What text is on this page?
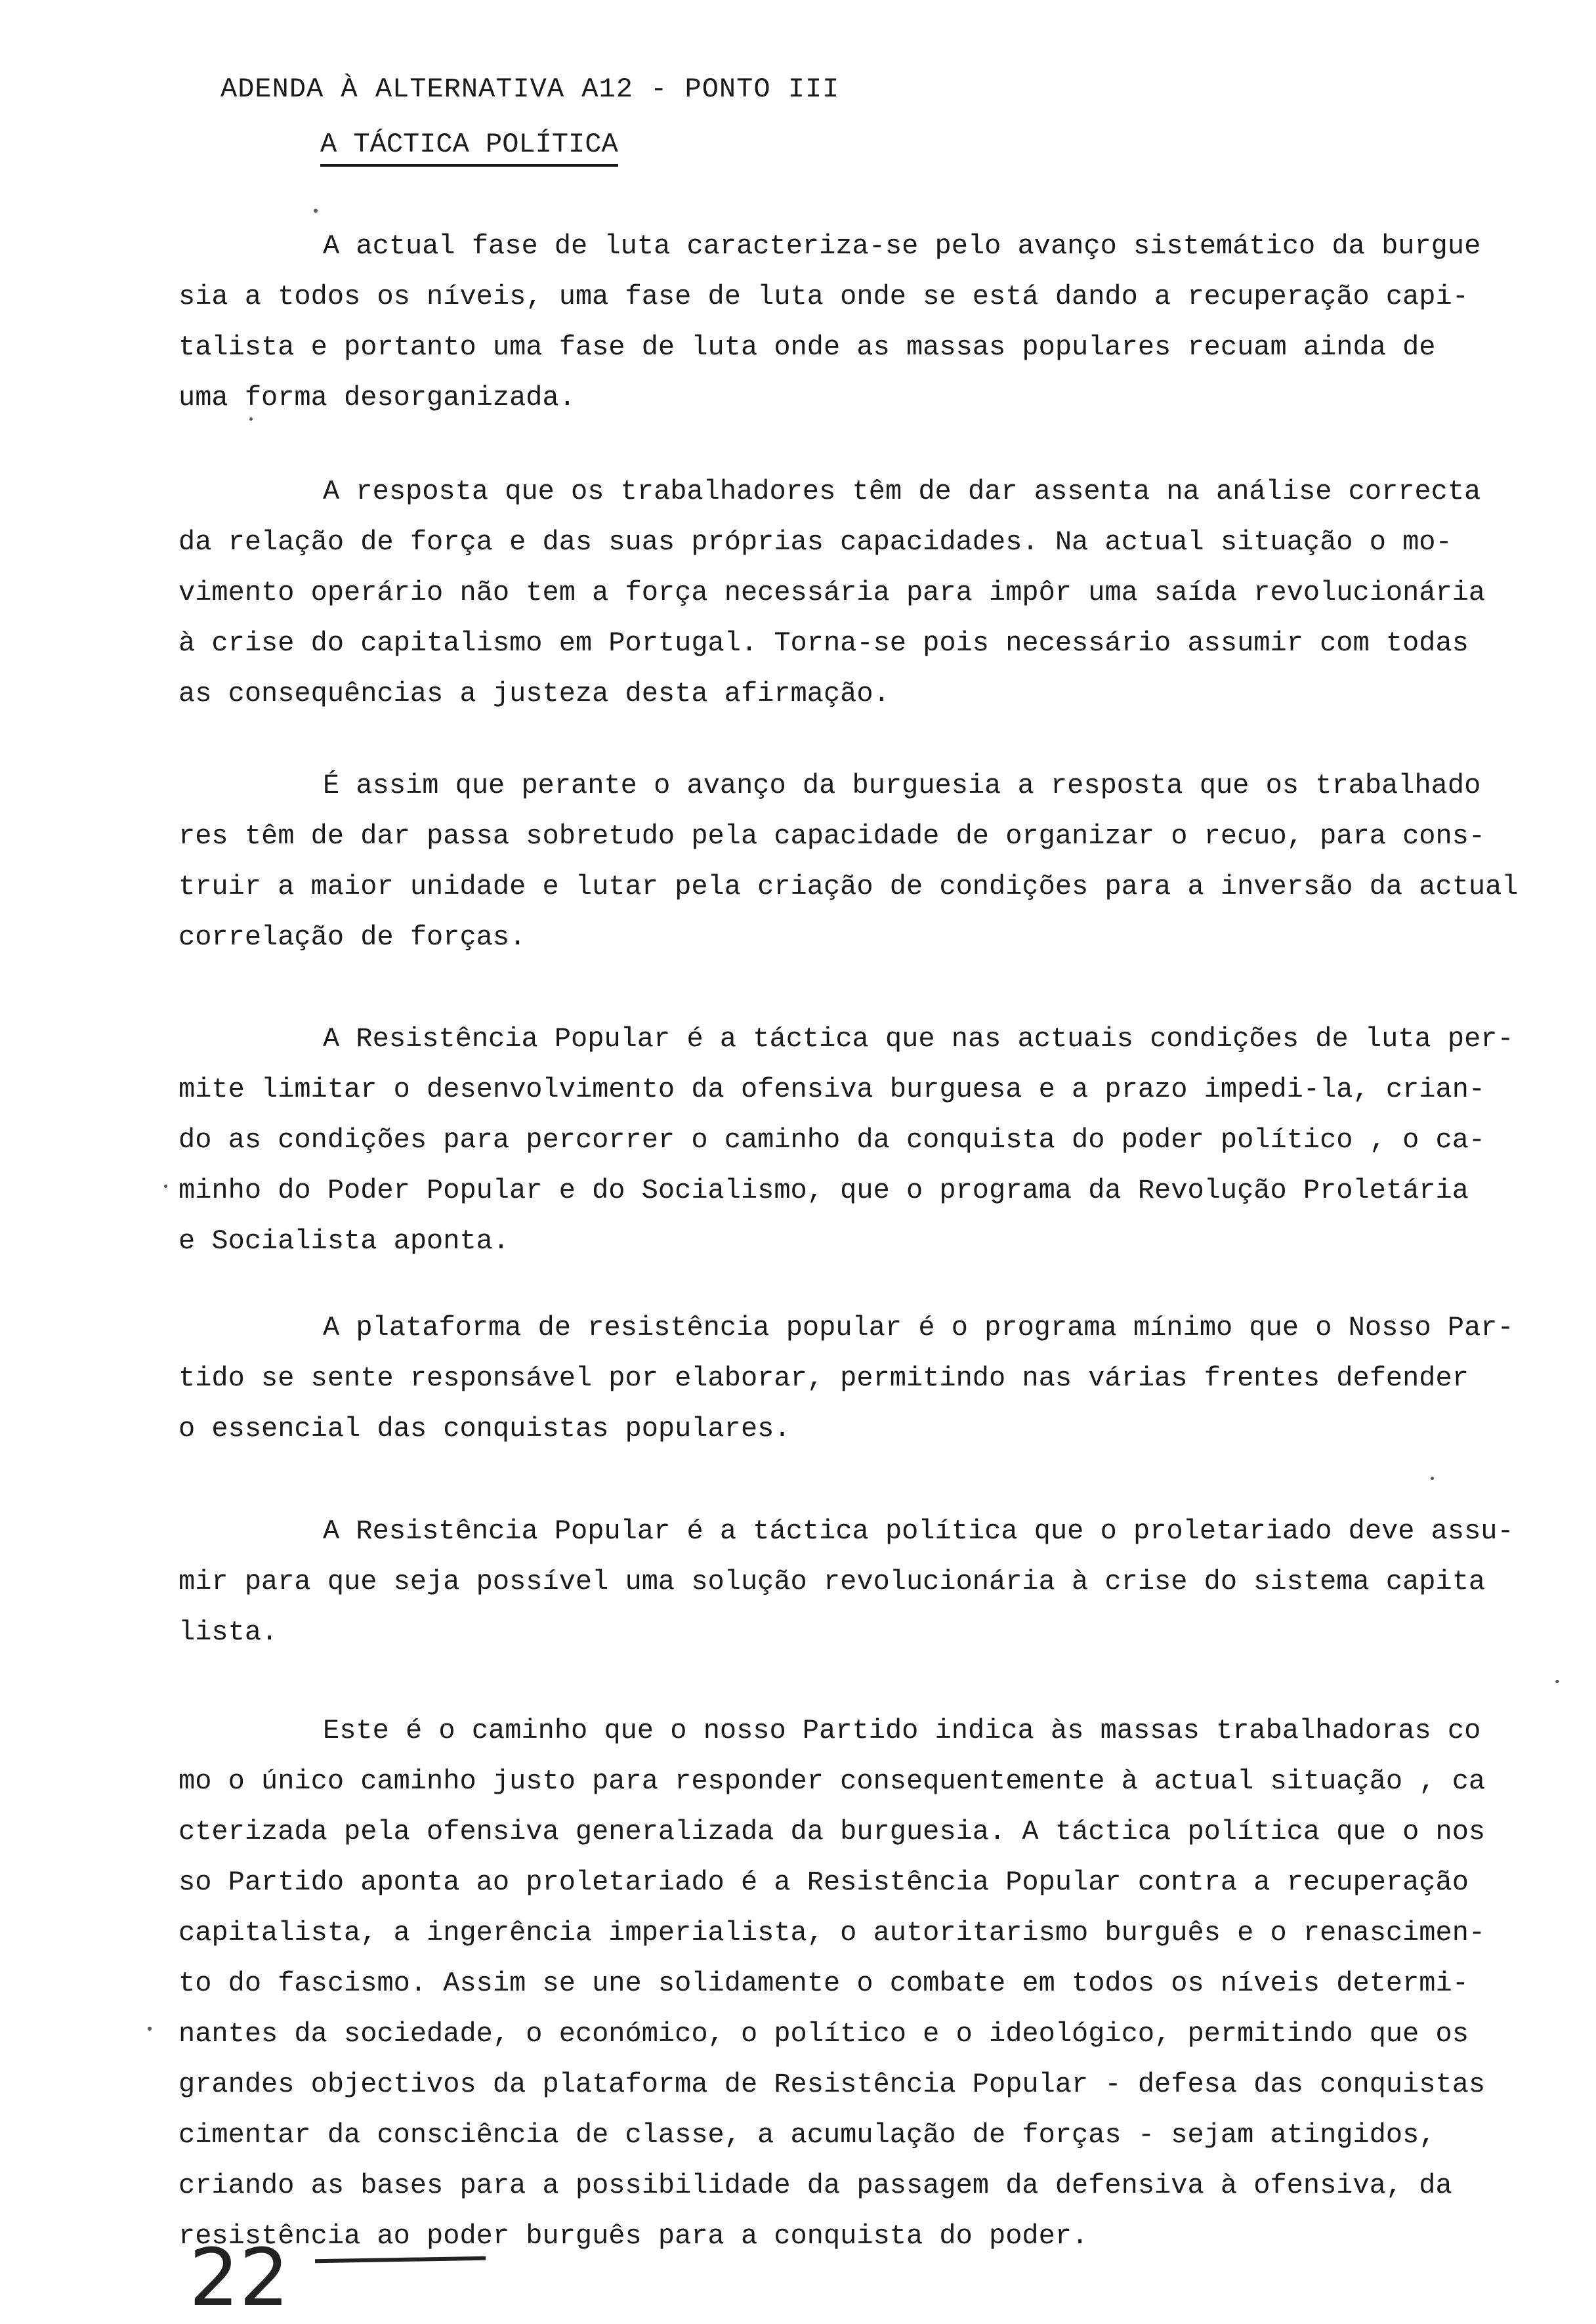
ADENDA À ALTERNATIVA A12 - PONTO III
A TÁCTICA POLÍTICA
A actual fase de luta caracteriza-se pelo avanço sistemático da burgue
sia a todos os níveis, uma fase de luta onde se está dando a recuperação capi-
talista e portanto uma fase de luta onde as massas populares recuam ainda de
uma forma desorganizada.
A resposta que os trabalhadores têm de dar assenta na análise correcta
da relação de força e das suas próprias capacidades. Na actual situação o mo-
vimento operário não tem a força necessária para impôr uma saída revolucionária
à crise do capitalismo em Portugal. Torna-se pois necessário assumir com todas
as consequências a justeza desta afirmação.
É assim que perante o avanço da burguesia a resposta que os trabalhado
res têm de dar passa sobretudo pela capacidade de organizar o recuo, para cons-
truir a maior unidade e lutar pela criação de condições para a inversão da actual
correlação de forças.
A Resistência Popular é a táctica que nas actuais condições de luta per-
mite limitar o desenvolvimento da ofensiva burguesa e a prazo impedi-la, crian-
do as condições para percorrer o caminho da conquista do poder político , o ca-
minho do Poder Popular e do Socialismo, que o programa da Revolução Proletária
e Socialista aponta.
A plataforma de resistência popular é o programa mínimo que o Nosso Par-
tido se sente responsável por elaborar, permitindo nas várias frentes defender
o essencial das conquistas populares.
A Resistência Popular é a táctica política que o proletariado deve assu-
mir para que seja possível uma solução revolucionária à crise do sistema capita
lista.
Este é o caminho que o nosso Partido indica às massas trabalhadoras co
mo o único caminho justo para responder consequentemente à actual situação , ca
cterizada pela ofensiva generalizada da burguesia. A táctica política que o nos
so Partido aponta ao proletariado é a Resistência Popular contra a recuperação
capitalista, a ingerência imperialista, o autoritarismo burguês e o renascimen-
to do fascismo. Assim se une solidamente o combate em todos os níveis determi-
nantes da sociedade, o económico, o político e o ideológico, permitindo que os
grandes objectivos da plataforma de Resistência Popular - defesa das conquistas
cimentar da consciência de classe, a acumulação de forças - sejam atingidos,
criando as bases para a possibilidade da passagem da defensiva à ofensiva, da
resistência ao poder burguês para a conquista do poder.
22
